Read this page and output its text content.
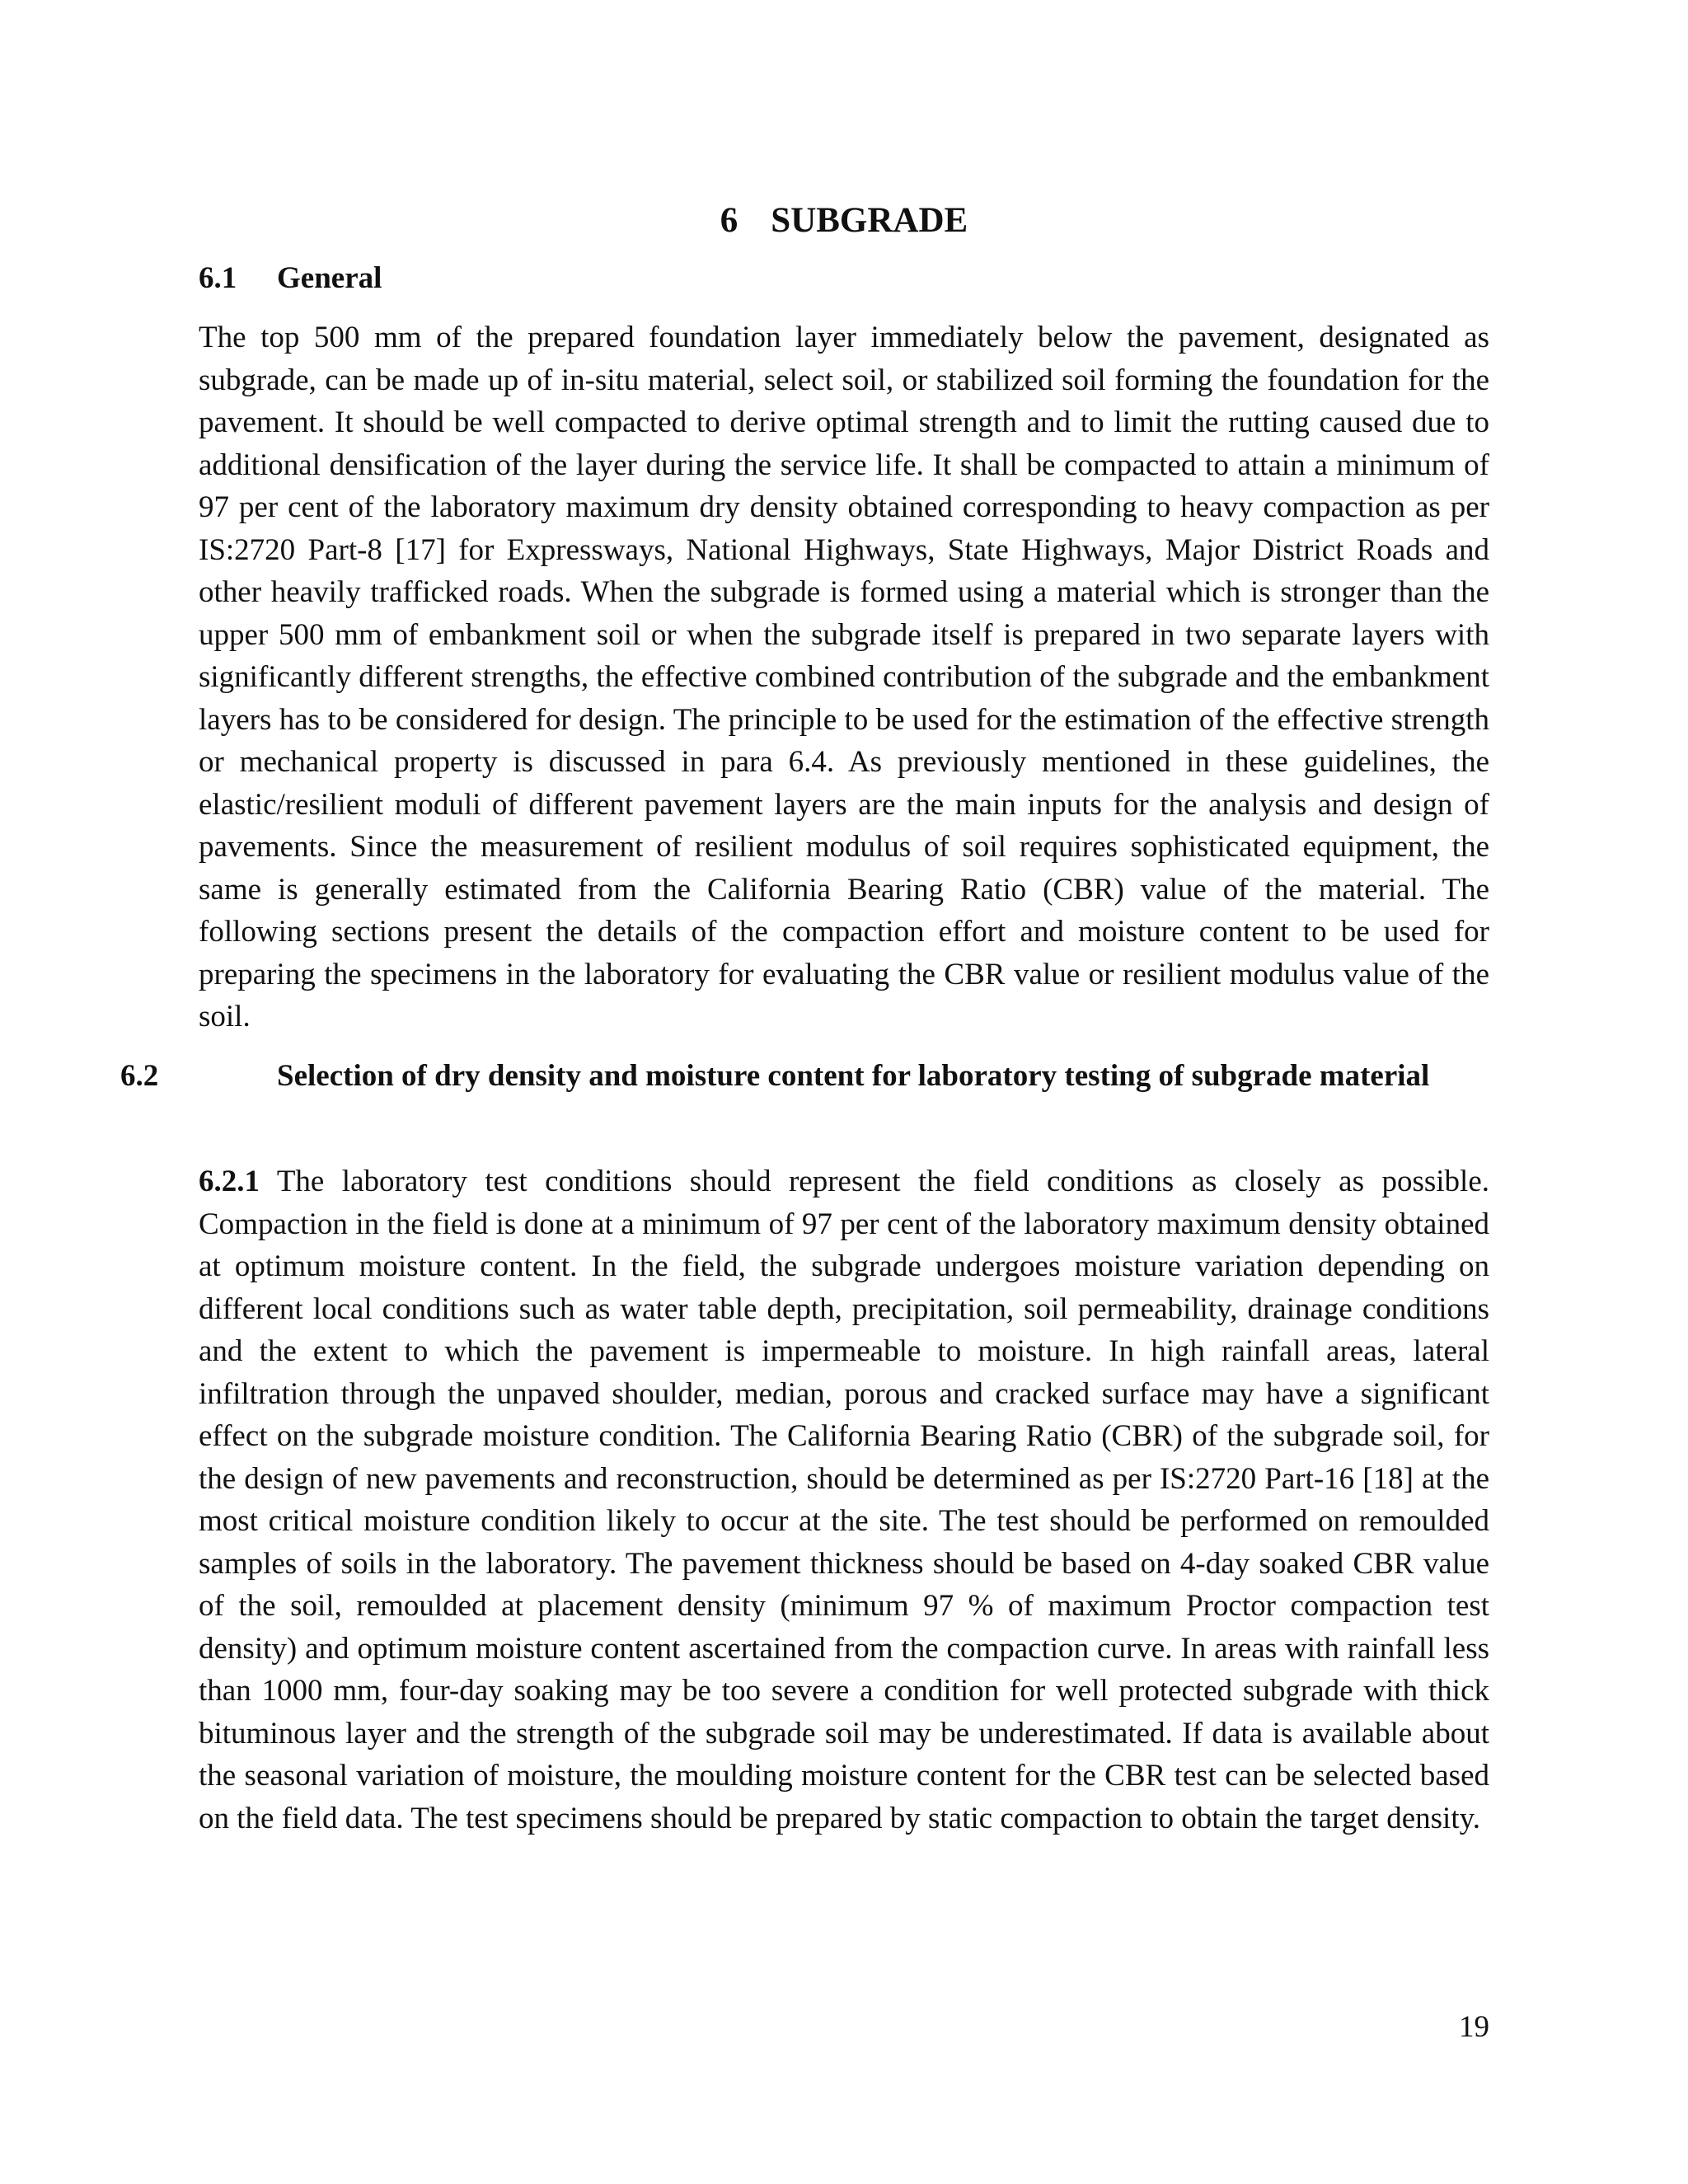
6 SUBGRADE
6.1 General

The top 500 mm of the prepared foundation layer immediately below the pavement, designated as subgrade, can be made up of in-situ material, select soil, or stabilized soil forming the foundation for the pavement. It should be well compacted to derive optimal strength and to limit the rutting caused due to additional densification of the layer during the service life. It shall be compacted to attain a minimum of 97 per cent of the laboratory maximum dry density obtained corresponding to heavy compaction as per IS:2720 Part-8 [17] for Expressways, National Highways, State Highways, Major District Roads and other heavily trafficked roads. When the subgrade is formed using a material which is stronger than the upper 500 mm of embankment soil or when the subgrade itself is prepared in two separate layers with significantly different strengths, the effective combined contribution of the subgrade and the embankment layers has to be considered for design. The principle to be used for the estimation of the effective strength or mechanical property is discussed in para 6.4. As previously mentioned in these guidelines, the elastic/resilient moduli of different pavement layers are the main inputs for the analysis and design of pavements. Since the measurement of resilient modulus of soil requires sophisticated equipment, the same is generally estimated from the California Bearing Ratio (CBR) value of the material. The following sections present the details of the compaction effort and moisture content to be used for preparing the specimens in the laboratory for evaluating the CBR value or resilient modulus value of the soil.

6.2	Selection of dry density and moisture content for laboratory testing of subgrade material

6.2.1 The laboratory test conditions should represent the field conditions as closely as possible. Compaction in the field is done at a minimum of 97 per cent of the laboratory maximum density obtained at optimum moisture content. In the field, the subgrade undergoes moisture variation depending on different local conditions such as water table depth, precipitation, soil permeability, drainage conditions and the extent to which the pavement is impermeable to moisture. In high rainfall areas, lateral infiltration through the unpaved shoulder, median, porous and cracked surface may have a significant effect on the subgrade moisture condition. The California Bearing Ratio (CBR) of the subgrade soil, for the design of new pavements and reconstruction, should be determined as per IS:2720 Part-16 [18] at the most critical moisture condition likely to occur at the site. The test should be performed on remoulded samples of soils in the laboratory. The pavement thickness should be based on 4-day soaked CBR value of the soil, remoulded at placement density (minimum 97 % of maximum Proctor compaction test density) and optimum moisture content ascertained from the compaction curve. In areas with rainfall less than 1000 mm, four-day soaking may be too severe a condition for well protected subgrade with thick bituminous layer and the strength of the subgrade soil may be underestimated. If data is available about the seasonal variation of moisture, the moulding moisture content for the CBR test can be selected based on the field data. The test specimens should be prepared by static compaction to obtain the target density.

19
